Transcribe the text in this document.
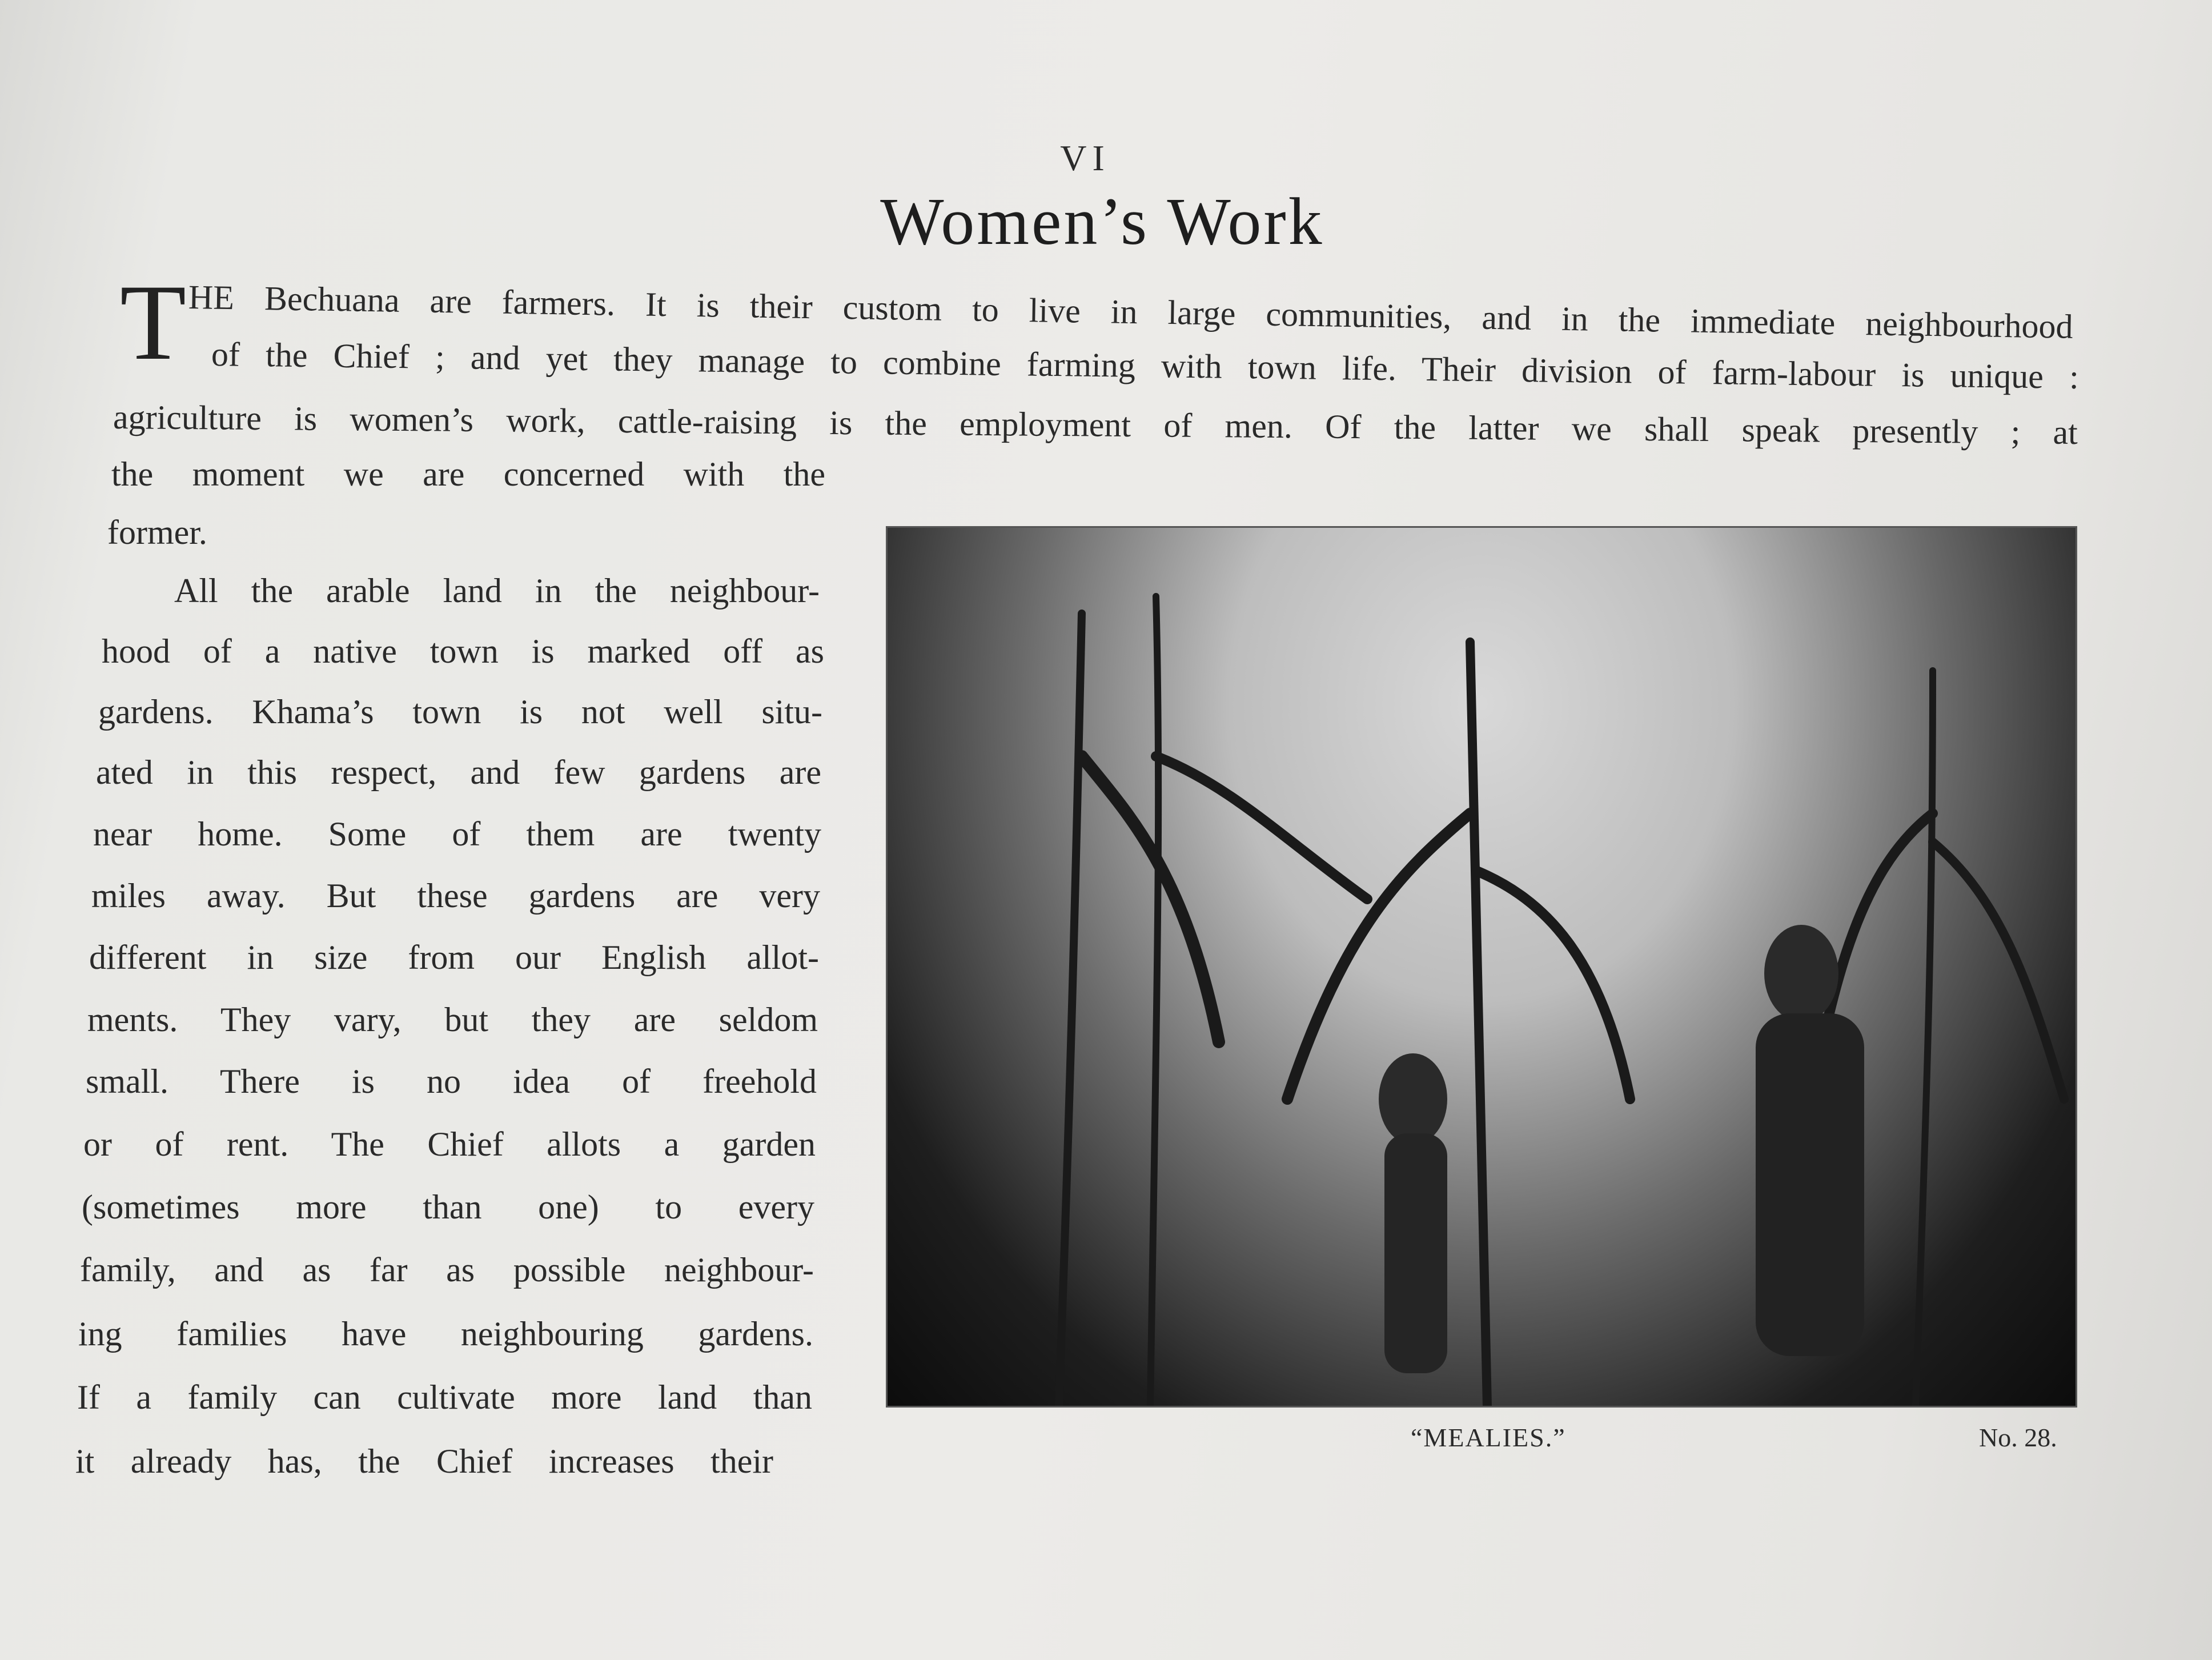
VI
Women’s Work
T HE Bechuana are farmers. It is their custom to live in large communities, and in the immediate neighbourhood
of the Chief ; and yet they manage to combine farming with town life. Their division of farm-labour is unique :
agriculture is women’s work, cattle-raising is the employment of men. Of the latter we shall speak presently ; at
the moment we are concerned with the
former.
All the arable land in the neighbour-
hood of a native town is marked off as
gardens. Khama’s town is not well situ-
ated in this respect, and few gardens are
near home. Some of them are twenty
miles away. But these gardens are very
different in size from our English allot-
ments. They vary, but they are seldom
small. There is no idea of freehold
or of rent. The Chief allots a garden
(sometimes more than one) to every
family, and as far as possible neighbour-
ing families have neighbouring gardens.
If a family can cultivate more land than
it already has, the Chief increases their
“MEALIES.”	No. 28.
